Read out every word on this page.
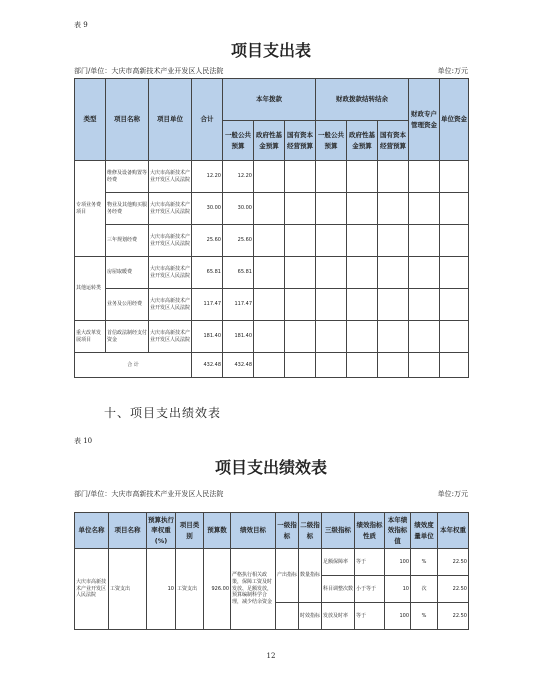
表 9
项目支出表
部门/单位：大庆市高新技术产业开发区人民法院	单位:万元
类型	项目名称	项目单位	合计	本年拨款			财政拨款结转结余			财政专户管理资金	单位资金
				一般公共预算	政府性基金预算	国有资本经营预算	一般公共预算	政府性基金预算	国有资本经营预算		
专项业务费项目	维修及设备购置等经费	大庆市高新技术产业开发区人民法院	12.20	12.20							
	物业及其他购买服务经费	大庆市高新技术产业开发区人民法院	30.00	30.00							
	三年规划经费	大庆市高新技术产业开发区人民法院	25.60	25.60							
其他运转类	房屋取暖费	大庆市高新技术产业开发区人民法院	65.81	65.81							
	业务及公用经费	大庆市高新技术产业开发区人民法院	117.47	117.47							
重大改革发展项目	首信政法制经支付资金	大庆市高新技术产业开发区人民法院	181.40	181.40							
合 计			432.48	432.48							
十、项目支出绩效表
表 10
项目支出绩效表
部门/单位：大庆市高新技术产业开发区人民法院	单位:万元
单位名称	项目名称	预算执行率权重(%)	项目类别	预算数	绩效目标	一级指标	二级指标	三级指标	绩效指标性质	本年绩效指标值	绩效度量单位	本年权重
大庆市高新技术产业开发区人民法院	工资支出	10	工资支出	926.00	严格执行相关政策，保障工资及时发放、足额发放，预算编制科学合理，减少结余资金	产出指标	数量指标	足额保障率	等于	100	%	22.50
								科目调整次数	小于等于	10	次	22.50
							时效指标	发放及时率	等于	100	%	22.50
12
